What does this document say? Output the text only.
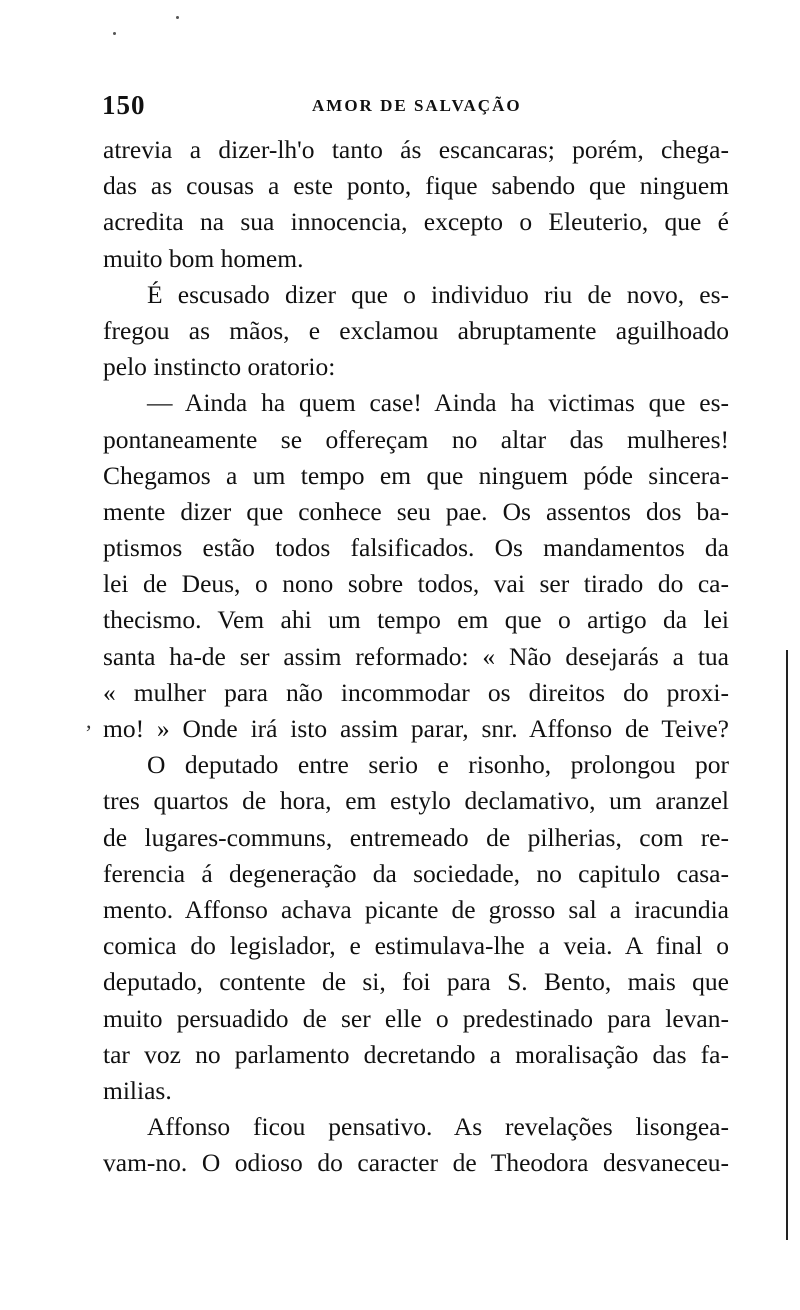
150	AMOR DE SALVAÇÃO
atrevia a dizer-lh'o tanto ás escancaras; porém, chega-
das as cousas a este ponto, fique sabendo que ninguem
acredita na sua innocencia, excepto o Eleuterio, que é
muito bom homem.
É escusado dizer que o individuo riu de novo, es-
fregou as mãos, e exclamou abruptamente aguilhoado
pelo instincto oratorio:
— Ainda ha quem case! Ainda ha victimas que es-
pontaneamente se offereçam no altar das mulheres!
Chegamos a um tempo em que ninguem póde sincera-
mente dizer que conhece seu pae. Os assentos dos ba-
ptismos estão todos falsificados. Os mandamentos da
lei de Deus, o nono sobre todos, vai ser tirado do ca-
thecismo. Vem ahi um tempo em que o artigo da lei
santa ha-de ser assim reformado: « Não desejarás a tua
« mulher para não incommodar os direitos do proxi-
mo! » Onde irá isto assim parar, snr. Affonso de Teive?
O deputado entre serio e risonho, prolongou por
tres quartos de hora, em estylo declamativo, um aranzel
de lugares-communs, entremeado de pilherias, com re-
ferencia á degeneração da sociedade, no capitulo casa-
mento. Affonso achava picante de grosso sal a iracundia
comica do legislador, e estimulava-lhe a veia. A final o
deputado, contente de si, foi para S. Bento, mais que
muito persuadido de ser elle o predestinado para levan-
tar voz no parlamento decretando a moralisação das fa-
milias.
Affonso ficou pensativo. As revelações lisongea-
vam-no. O odioso do caracter de Theodora desvaneceu-
,
